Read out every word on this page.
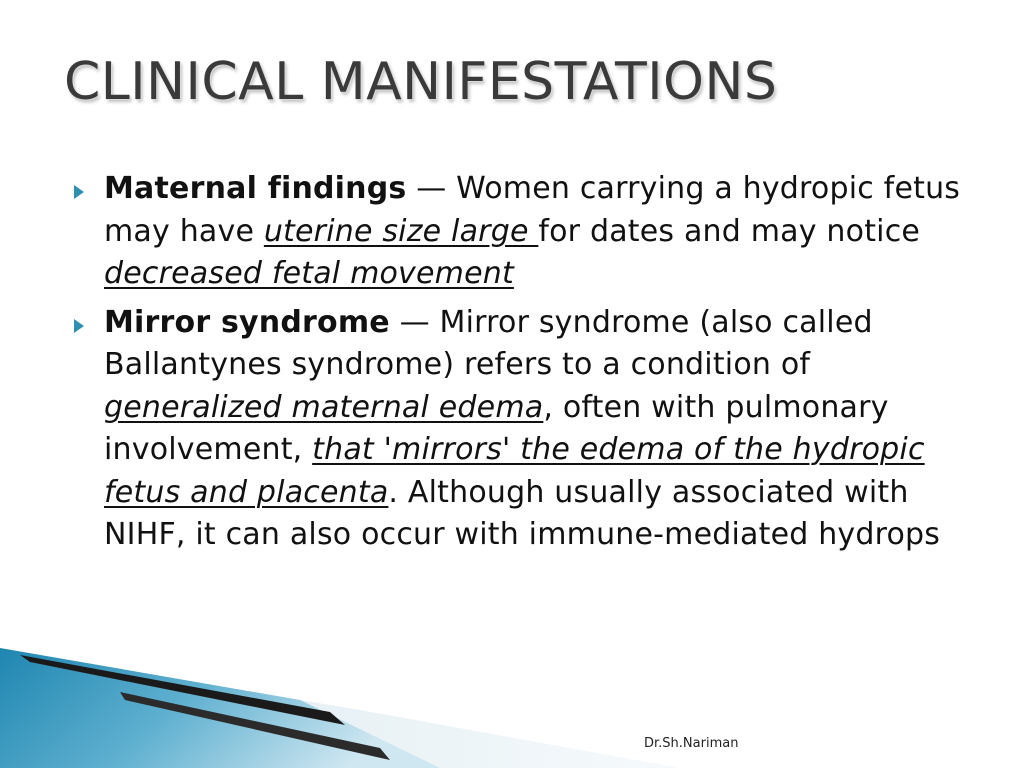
CLINICAL MANIFESTATIONS

Maternal findings — Women carrying a hydropic fetus may have uterine size large for dates and may notice decreased fetal movement

Mirror syndrome — Mirror syndrome (also called Ballantynes syndrome) refers to a condition of generalized maternal edema, often with pulmonary involvement, that 'mirrors' the edema of the hydropic fetus and placenta. Although usually associated with NIHF, it can also occur with immune-mediated hydrops

Dr.Sh.Nariman
